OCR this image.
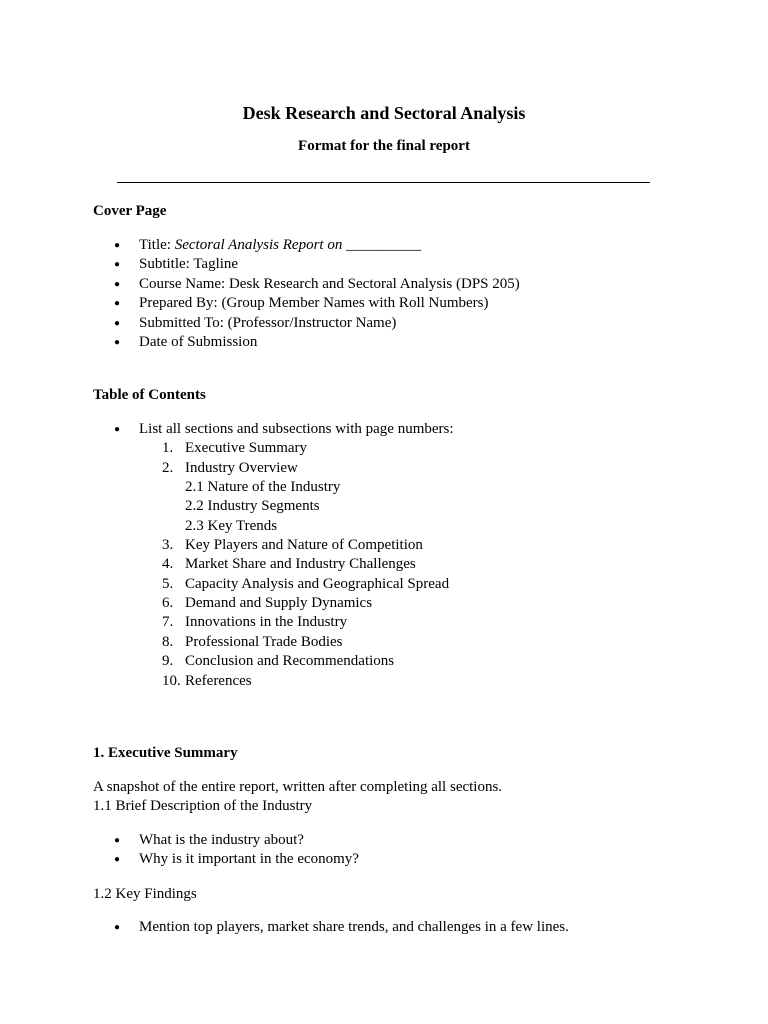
Desk Research and Sectoral Analysis
Format for the final report
Cover Page
● Title: Sectoral Analysis Report on __________
● Subtitle: Tagline
● Course Name: Desk Research and Sectoral Analysis (DPS 205)
● Prepared By: (Group Member Names with Roll Numbers)
● Submitted To: (Professor/Instructor Name)
● Date of Submission
Table of Contents
● List all sections and subsections with page numbers:
1. Executive Summary
2. Industry Overview
2.1 Nature of the Industry
2.2 Industry Segments
2.3 Key Trends
3. Key Players and Nature of Competition
4. Market Share and Industry Challenges
5. Capacity Analysis and Geographical Spread
6. Demand and Supply Dynamics
7. Innovations in the Industry
8. Professional Trade Bodies
9. Conclusion and Recommendations
10. References
1. Executive Summary
A snapshot of the entire report, written after completing all sections.
1.1 Brief Description of the Industry
● What is the industry about?
● Why is it important in the economy?
1.2 Key Findings
● Mention top players, market share trends, and challenges in a few lines.
